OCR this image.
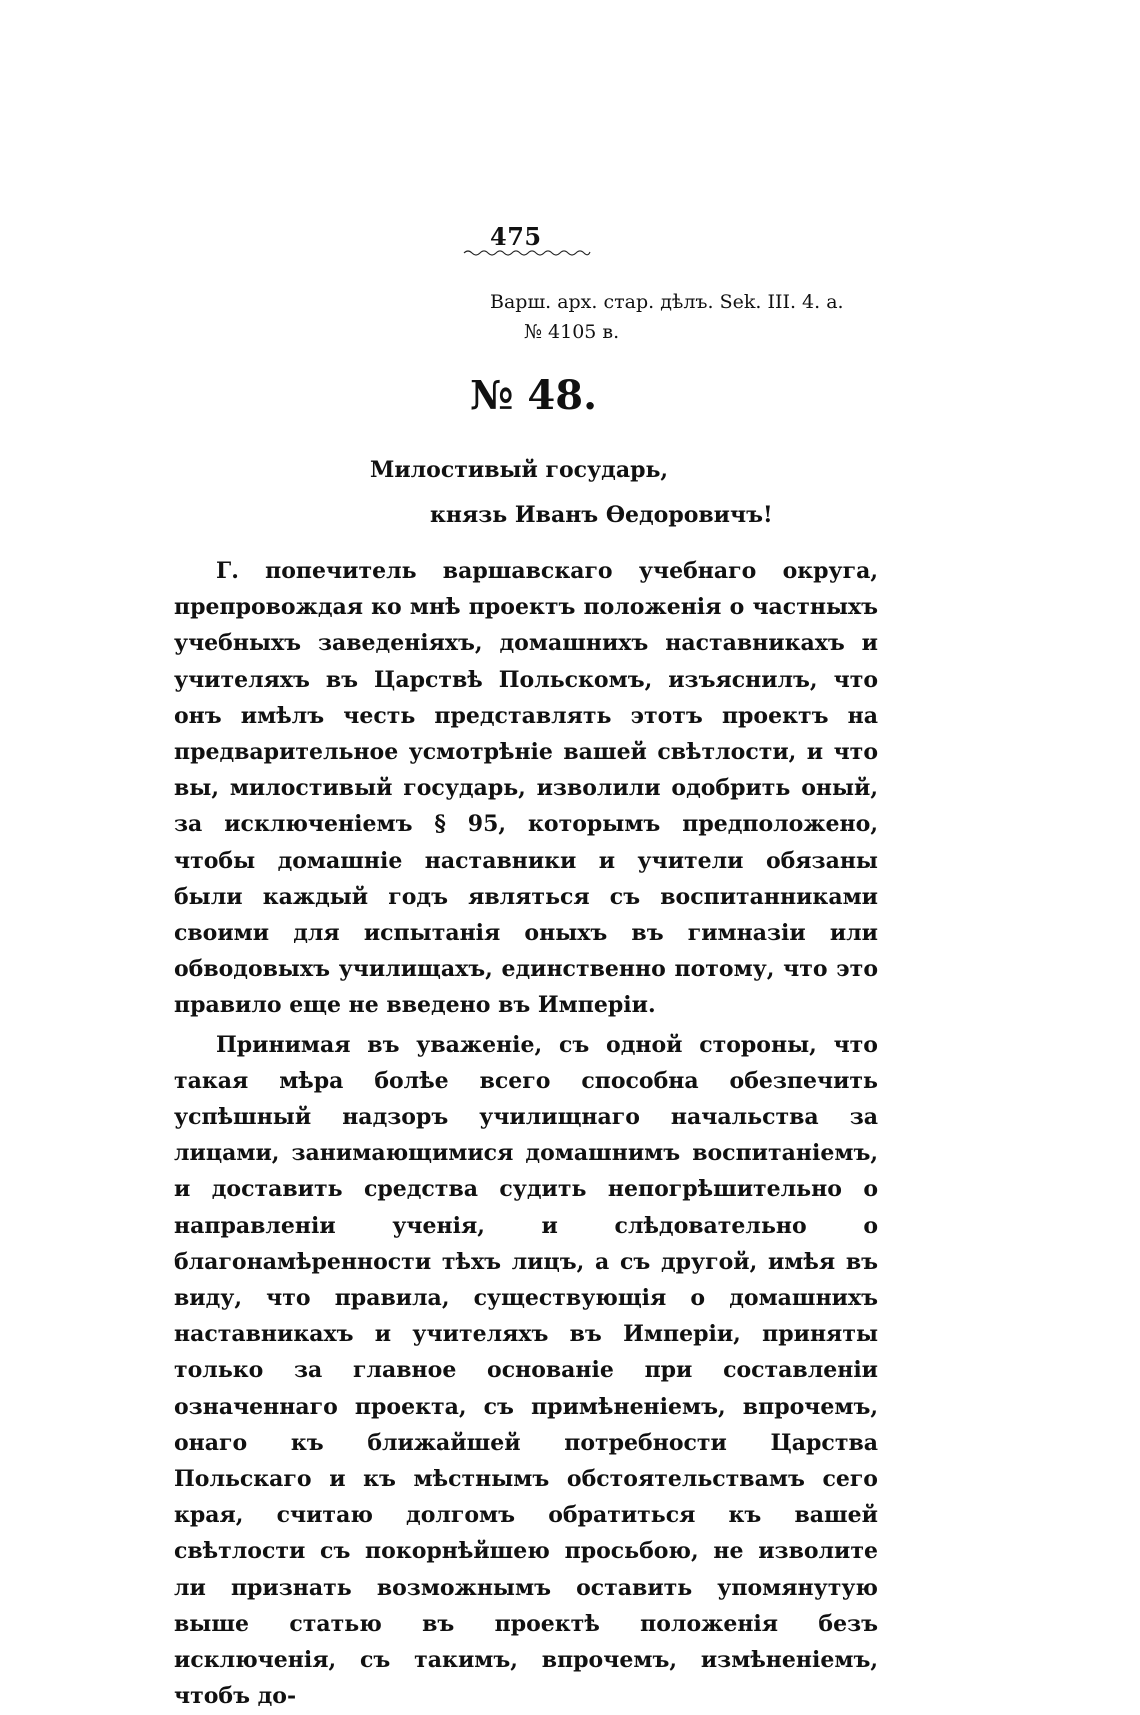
475
Варш. арх. стар. дѣлъ. Sek. III. 4. a.
№ 4105 в.
№ 48.
Милостивый государь,
князь Иванъ Ѳедоровичъ!

Г. попечитель варшавскаго учебнаго округа, препровождая ко мнѣ проектъ положенія о частныхъ учебныхъ заведеніяхъ, домашнихъ наставникахъ и учителяхъ въ Царствѣ Польскомъ, изъяснилъ, что онъ имѣлъ честь представлять этотъ проектъ на предварительное усмотрѣніе вашей свѣтлости, и что вы, милостивый государь, изволили одобрить оный, за исключеніемъ § 95, которымъ предположено, чтобы домашніе наставники и учители обязаны были каждый годъ являться съ воспитанниками своими для испытанія оныхъ въ гимназіи или обводовыхъ училищахъ, единственно потому, что это правило еще не введено въ Имперіи.

Принимая въ уваженіе, съ одной стороны, что такая мѣра болѣе всего способна обезпечить успѣшный надзоръ училищнаго начальства за лицами, занимающимися домашнимъ воспитаніемъ, и доставить средства судить непогрѣшительно о направленіи ученія, и слѣдовательно о благонамѣренности тѣхъ лицъ, а съ другой, имѣя въ виду, что правила, существующія о домашнихъ наставникахъ и учителяхъ въ Имперіи, приняты только за главное основаніе при составленіи означеннаго проекта, съ примѣненіемъ, впрочемъ, онаго къ ближайшей потребности Царства Польскаго и къ мѣстнымъ обстоятельствамъ сего края, считаю долгомъ обратиться къ вашей свѣтлости съ покорнѣйшею просьбою, не изволите ли признать возможнымъ оставить упомянутую выше статью въ проектѣ положенія безъ исключенія, съ такимъ, впрочемъ, измѣненіемъ, чтобъ до-
